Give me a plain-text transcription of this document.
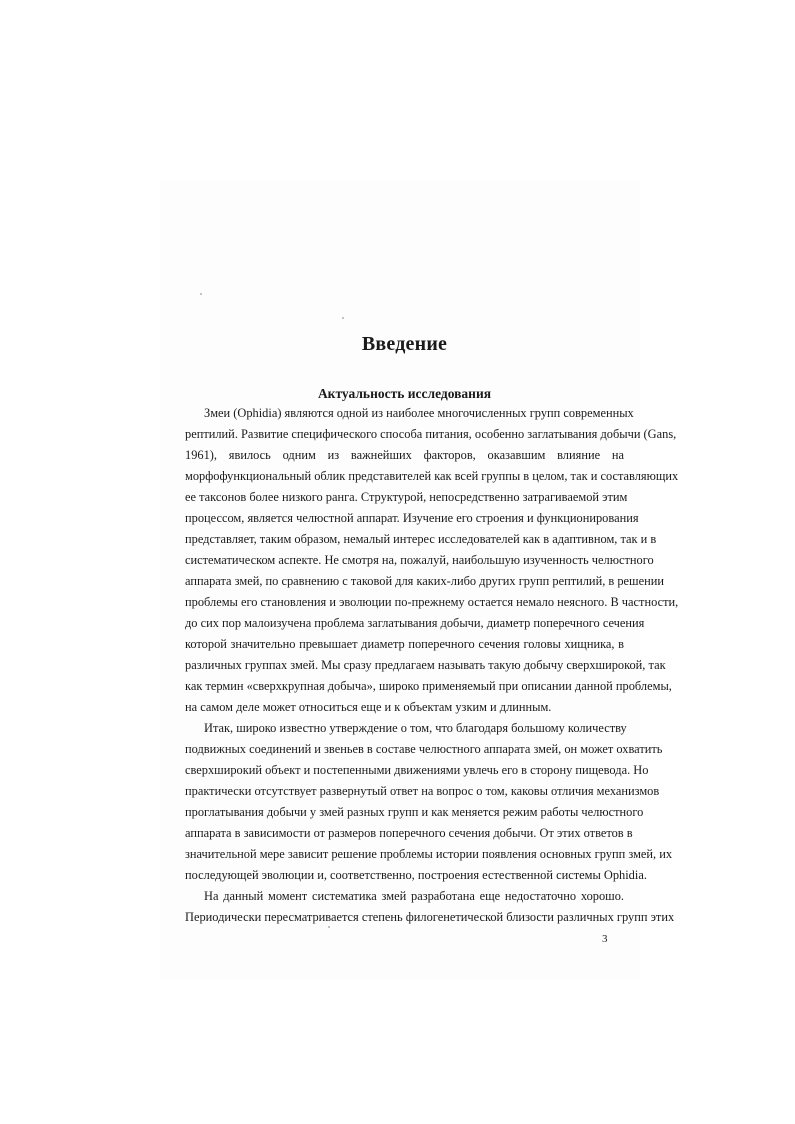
Введение
Актуальность исследования
Змеи (Ophidia) являются одной из наиболее многочисленных групп современных
рептилий. Развитие специфического способа питания, особенно заглатывания добычи (Gans,
1961), явилось одним из важнейших факторов, оказавшим влияние на
морфофункциональный облик представителей как всей группы в целом, так и составляющих
ее таксонов более низкого ранга. Структурой, непосредственно затрагиваемой этим
процессом, является челюстной аппарат. Изучение его строения и функционирования
представляет, таким образом, немалый интерес исследователей как в адаптивном, так и в
систематическом аспекте. Не смотря на, пожалуй, наибольшую изученность челюстного
аппарата змей, по сравнению с таковой для каких-либо других групп рептилий, в решении
проблемы его становления и эволюции по-прежнему остается немало неясного. В частности,
до сих пор малоизучена проблема заглатывания добычи, диаметр поперечного сечения
которой значительно превышает диаметр поперечного сечения головы хищника, в
различных группах змей. Мы сразу предлагаем называть такую добычу сверхширокой, так
как термин «сверхкрупная добыча», широко применяемый при описании данной проблемы,
на самом деле может относиться еще и к объектам узким и длинным.
Итак, широко известно утверждение о том, что благодаря большому количеству
подвижных соединений и звеньев в составе челюстного аппарата змей, он может охватить
сверхширокий объект и постепенными движениями увлечь его в сторону пищевода. Но
практически отсутствует развернутый ответ на вопрос о том, каковы отличия механизмов
проглатывания добычи у змей разных групп и как меняется режим работы челюстного
аппарата в зависимости от размеров поперечного сечения добычи. От этих ответов в
значительной мере зависит решение проблемы истории появления основных групп змей, их
последующей эволюции и, соответственно, построения естественной системы Ophidia.
На данный момент систематика змей разработана еще недостаточно хорошо.
Периодически пересматривается степень филогенетической близости различных групп этих
3
